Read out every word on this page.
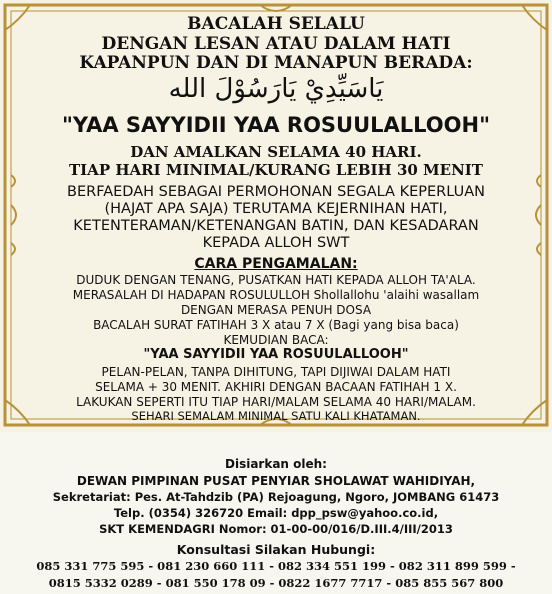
BACALAH SELALU
DENGAN LESAN ATAU DALAM HATI
KAPANPUN DAN DI MANAPUN BERADA:
يَاسَيِّدِيْ يَارَسُوْلَ الله
"YAA SAYYIDII YAA ROSUULALLOOH"
DAN AMALKAN SELAMA 40 HARI.
TIAP HARI MINIMAL/KURANG LEBIH 30 MENIT
BERFAEDAH SEBAGAI PERMOHONAN SEGALA KEPERLUAN
(HAJAT APA SAJA) TERUTAMA KEJERNIHAN HATI,
KETENTERAMAN/KETENANGAN BATIN, DAN KESADARAN
KEPADA ALLOH SWT
CARA PENGAMALAN:
DUDUK DENGAN TENANG, PUSATKAN HATI KEPADA ALLOH TA'ALA.
MERASALAH DI HADAPAN ROSULULLOH Shollallohu 'alaihi wasallam
DENGAN MERASA PENUH DOSA
BACALAH SURAT FATIHAH 3 X atau 7 X (Bagi yang bisa baca)
KEMUDIAN BACA:
"YAA SAYYIDII YAA ROSUULALLOOH"
PELAN-PELAN, TANPA DIHITUNG, TAPI DIJIWAI DALAM HATI
SELAMA + 30 MENIT. AKHIRI DENGAN BACAAN FATIHAH 1 X.
LAKUKAN SEPERTI ITU TIAP HARI/MALAM SELAMA 40 HARI/MALAM.
SEHARI SEMALAM MINIMAL SATU KALI KHATAMAN.
Disiarkan oleh:
DEWAN PIMPINAN PUSAT PENYIAR SHOLAWAT WAHIDIYAH,
Sekretariat: Pes. At-Tahdzib (PA) Rejoagung, Ngoro, JOMBANG 61473
Telp. (0354) 326720 Email: dpp_psw@yahoo.co.id,
SKT KEMENDAGRI Nomor: 01-00-00/016/D.III.4/III/2013
Konsultasi Silakan Hubungi:
085 331 775 595 - 081 230 660 111 - 082 334 551 199 - 082 311 899 599 -
0815 5332 0289 - 081 550 178 09 - 0822 1677 7717 - 085 855 567 800
